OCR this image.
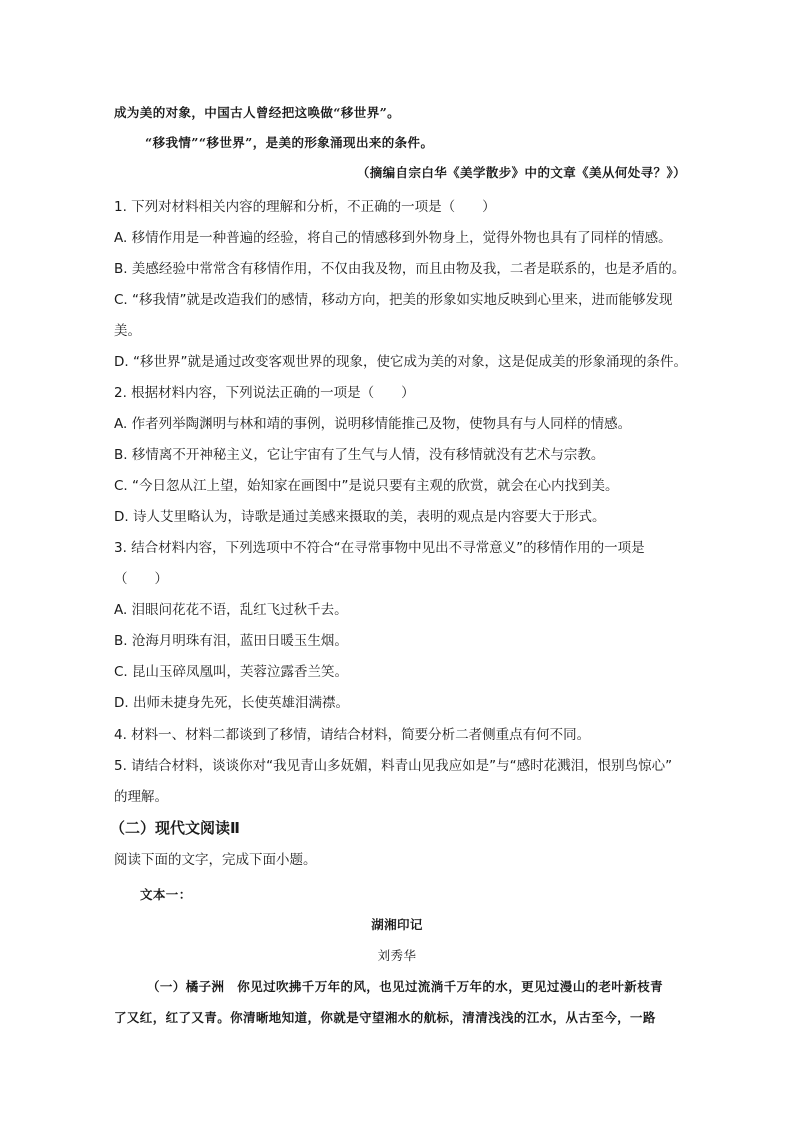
成为美的对象，中国古人曾经把这唤做“移世界”。
“移我情”“移世界”，是美的形象涌现出来的条件。
（摘编自宗白华《美学散步》中的文章《美从何处寻？》）
1. 下列对材料相关内容的理解和分析，不正确的一项是（　　）
A. 移情作用是一种普遍的经验，将自己的情感移到外物身上，觉得外物也具有了同样的情感。
B. 美感经验中常常含有移情作用，不仅由我及物，而且由物及我，二者是联系的，也是矛盾的。
C. “移我情”就是改造我们的感情，移动方向，把美的形象如实地反映到心里来，进而能够发现
美。
D. “移世界”就是通过改变客观世界的现象，使它成为美的对象，这是促成美的形象涌现的条件。
2. 根据材料内容，下列说法正确的一项是（　　）
A. 作者列举陶渊明与林和靖的事例，说明移情能推己及物，使物具有与人同样的情感。
B. 移情离不开神秘主义，它让宇宙有了生气与人情，没有移情就没有艺术与宗教。
C. “今日忽从江上望，始知家在画图中”是说只要有主观的欣赏，就会在心内找到美。
D. 诗人艾里略认为，诗歌是通过美感来摄取的美，表明的观点是内容要大于形式。
3. 结合材料内容，下列选项中不符合“在寻常事物中见出不寻常意义”的移情作用的一项是
（　　）
A. 泪眼问花花不语，乱红飞过秋千去。
B. 沧海月明珠有泪，蓝田日暖玉生烟。
C. 昆山玉碎凤凰叫，芙蓉泣露香兰笑。
D. 出师未捷身先死，长使英雄泪满襟。
4. 材料一、材料二都谈到了移情，请结合材料，简要分析二者侧重点有何不同。
5. 请结合材料，谈谈你对“我见青山多妩媚，料青山见我应如是”与“感时花溅泪，恨别鸟惊心”
的理解。
（二）现代文阅读Ⅱ
阅读下面的文字，完成下面小题。
文本一：
湖湘印记
刘秀华
（一）橘子洲　你见过吹拂千万年的风，也见过流淌千万年的水，更见过漫山的老叶新枝青
了又红，红了又青。你清晰地知道，你就是守望湘水的航标，清清浅浅的江水，从古至今，一路
